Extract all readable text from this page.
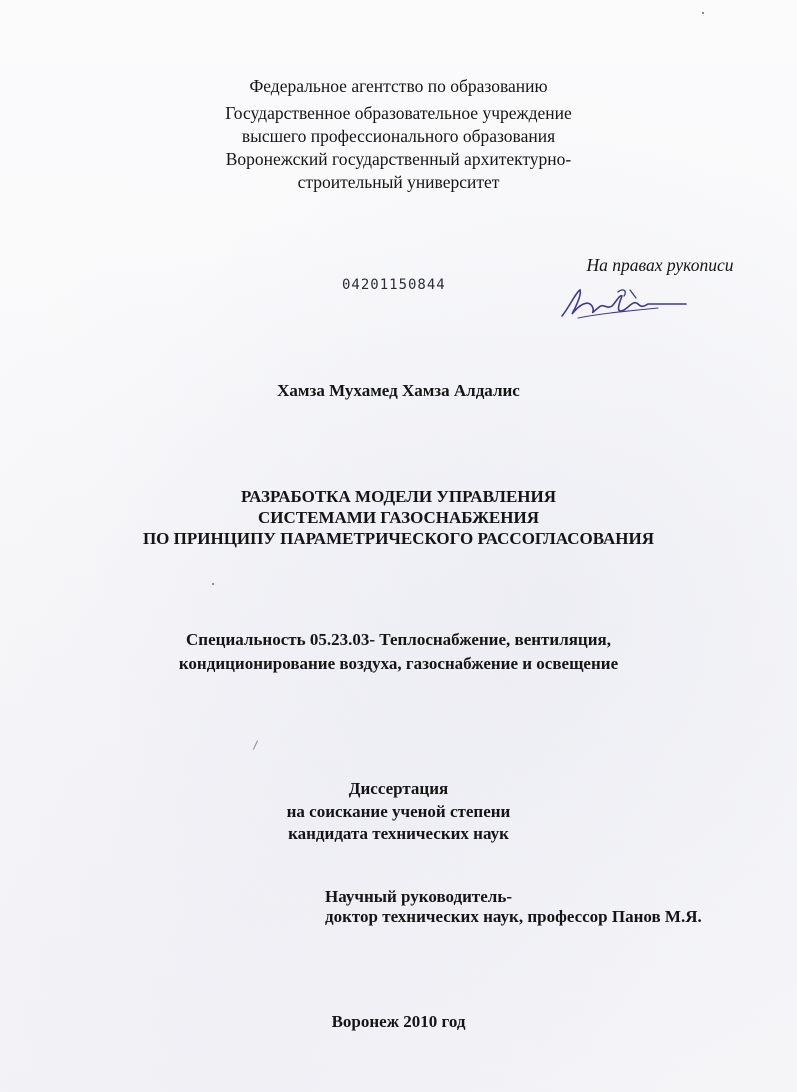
Федеральное агентство по образованию
Государственное образовательное учреждение
высшего профессионального образования
Воронежский государственный архитектурно-
строительный университет
На правах рукописи
04201150844
Хамза Мухамед Хамза Алдалис
РАЗРАБОТКА МОДЕЛИ УПРАВЛЕНИЯ
СИСТЕМАМИ ГАЗОСНАБЖЕНИЯ
ПО ПРИНЦИПУ ПАРАМЕТРИЧЕСКОГО РАССОГЛАСОВАНИЯ
Специальность 05.23.03- Теплоснабжение, вентиляция,
кондиционирование воздуха, газоснабжение и освещение
Диссертация
на соискание ученой степени
кандидата технических наук
Научный руководитель-
доктор технических наук, профессор Панов М.Я.
Воронеж 2010 год
